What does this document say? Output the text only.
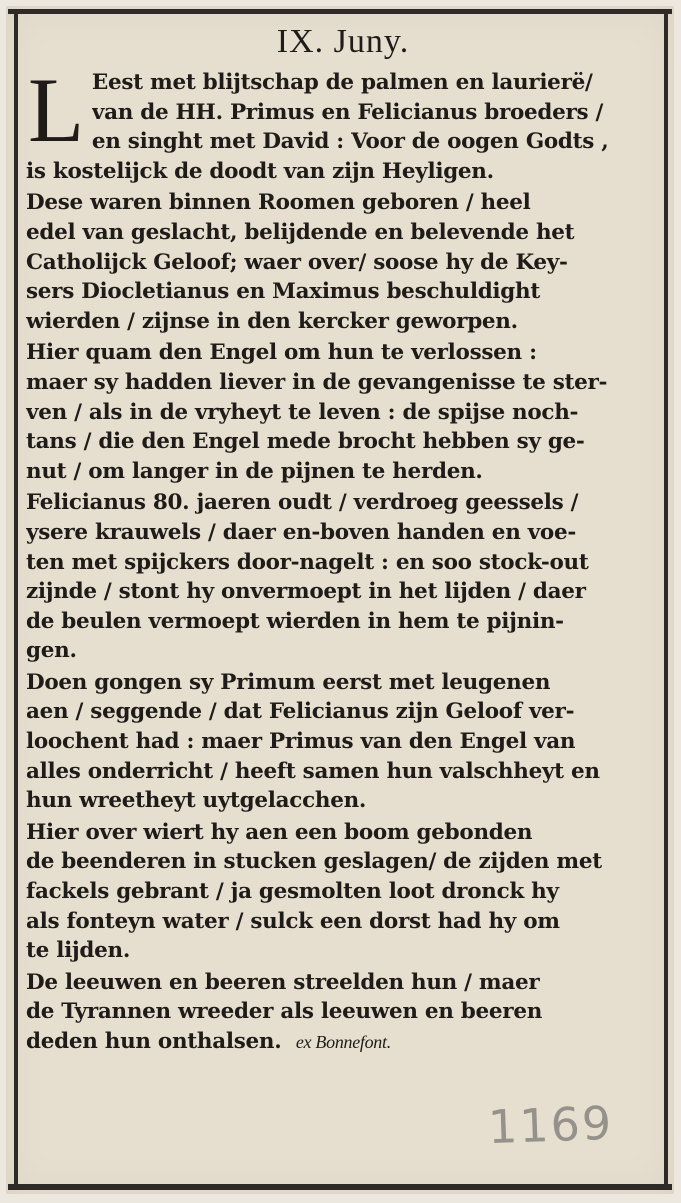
IX. Juny.
L Eest met blijtschap de palmen en laurierë/
van de HH. Primus en Felicianus broeders /
en singht met David : Voor de oogen Godts ,
is kostelijck de doodt van zijn Heyligen.
Dese waren binnen Roomen geboren / heel
edel van geslacht, belijdende en belevende het
Catholijck Geloof; waer over/ soose hy de Key-
sers Diocletianus en Maximus beschuldight
wierden / zijnse in den kercker geworpen.
Hier quam den Engel om hun te verlossen :
maer sy hadden liever in de gevangenisse te ster-
ven / als in de vryheyt te leven : de spijse noch-
tans / die den Engel mede brocht hebben sy ge-
nut / om langer in de pijnen te herden.
Felicianus 80. jaeren oudt / verdroeg geessels /
ysere krauwels / daer en-boven handen en voe-
ten met spijckers door-nagelt : en soo stock-out
zijnde / stont hy onvermoept in het lijden / daer
de beulen vermoept wierden in hem te pijnin-
gen.
Doen gongen sy Primum eerst met leugenen
aen / seggende / dat Felicianus zijn Geloof ver-
loochent had : maer Primus van den Engel van
alles onderricht / heeft samen hun valschheyt en
hun wreetheyt uytgelacchen.
Hier over wiert hy aen een boom gebonden
de beenderen in stucken geslagen/ de zijden met
fackels gebrant / ja gesmolten loot dronck hy
als fonteyn water / sulck een dorst had hy om
te lijden.
De leeuwen en beeren streelden hun / maer
de Tyrannen wreeder als leeuwen en beeren
deden hun onthalsen. ex Bonnefont.
1169
